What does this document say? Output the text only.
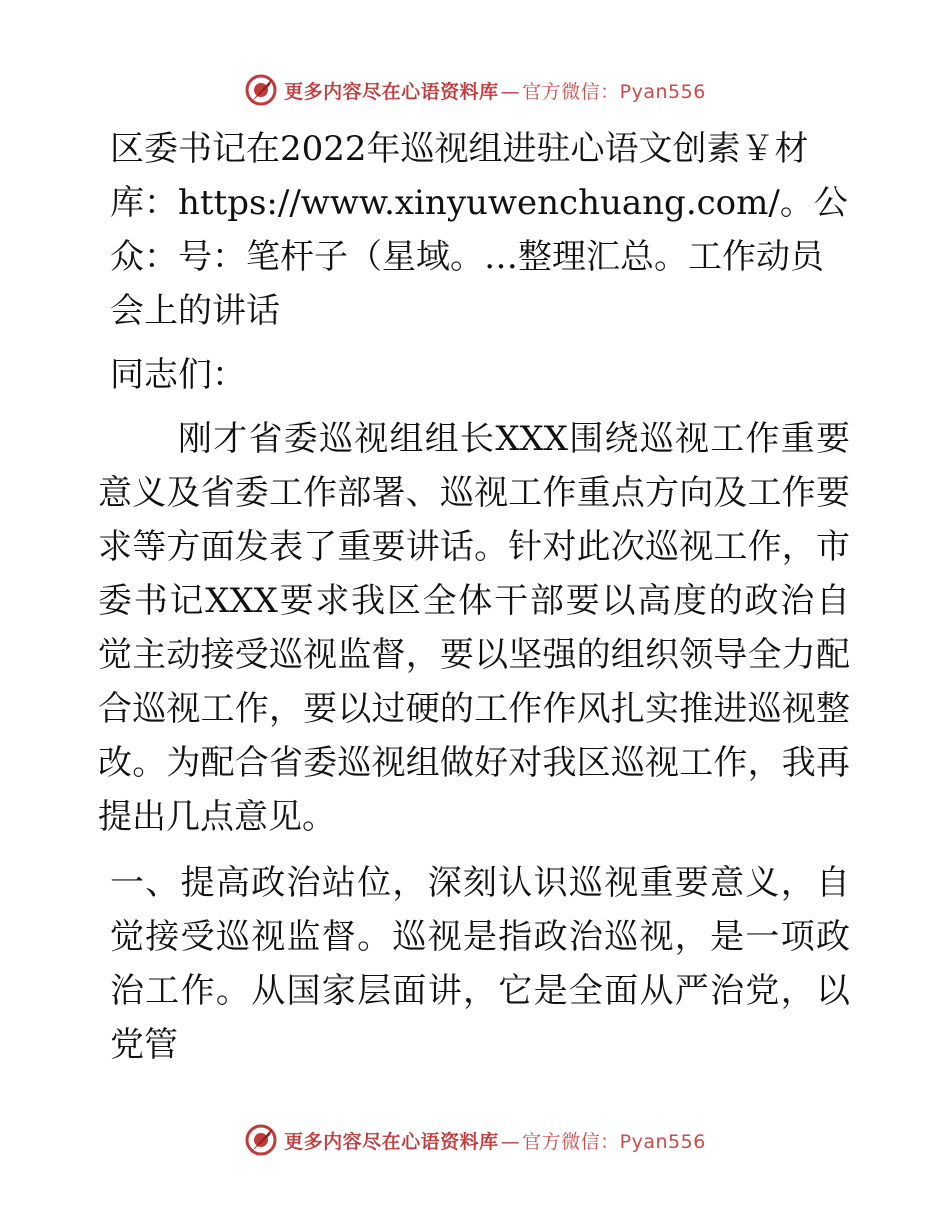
更多内容尽在心语资料库 — 官方微信：Pyan556

区委书记在2022年巡视组进驻心语文创素￥材库：https://www.xinyuwenchuang.com/。公众：号：笔杆子（星域。…整理汇总。工作动员会上的讲话

同志们：

刚才省委巡视组组长XXX围绕巡视工作重要意义及省委工作部署、巡视工作重点方向及工作要求等方面发表了重要讲话。针对此次巡视工作，市委书记XXX要求我区全体干部要以高度的政治自觉主动接受巡视监督，要以坚强的组织领导全力配合巡视工作，要以过硬的工作作风扎实推进巡视整改。为配合省委巡视组做好对我区巡视工作，我再提出几点意见。

一、提高政治站位，深刻认识巡视重要意义，自觉接受巡视监督。巡视是指政治巡视，是一项政治工作。从国家层面讲，它是全面从严治党，以党管

更多内容尽在心语资料库 — 官方微信：Pyan556
